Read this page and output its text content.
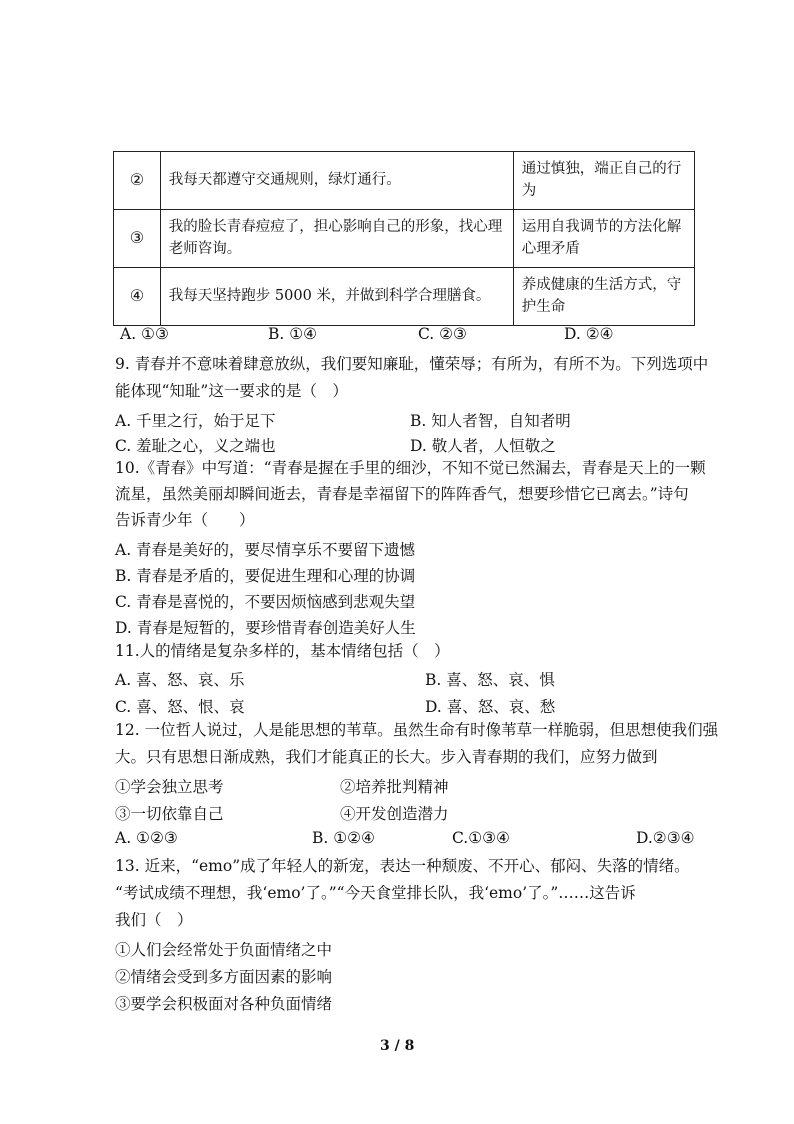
②	我每天都遵守交通规则，绿灯通行。	通过慎独，端正自己的行为
③	我的脸长青春痘痘了，担心影响自己的形象，找心理老师咨询。	运用自我调节的方法化解心理矛盾
④	我每天坚持跑步 5000 米，并做到科学合理膳食。	养成健康的生活方式，守护生命
A. ①③	B. ①④	C. ②③	D. ②④
9. 青春并不意味着肆意放纵，我们要知廉耻，懂荣辱；有所为，有所不为。下列选项中
能体现“知耻”这一要求的是（　）
A. 千里之行，始于足下	B. 知人者智，自知者明
C. 羞耻之心，义之端也	D. 敬人者，人恒敬之
10.《青春》中写道：“青春是握在手里的细沙，不知不觉已然漏去，青春是天上的一颗
流星，虽然美丽却瞬间逝去，青春是幸福留下的阵阵香气，想要珍惜它已离去。”诗句
告诉青少年（　　）
A. 青春是美好的，要尽情享乐不要留下遗憾
B. 青春是矛盾的，要促进生理和心理的协调
C. 青春是喜悦的，不要因烦恼感到悲观失望
D. 青春是短暂的，要珍惜青春创造美好人生
11.人的情绪是复杂多样的，基本情绪包括（　）
A. 喜、怒、哀、乐	B. 喜、怒、哀、惧
C. 喜、怒、恨、哀	D. 喜、怒、哀、愁
12. 一位哲人说过，人是能思想的苇草。虽然生命有时像苇草一样脆弱，但思想使我们强
大。只有思想日渐成熟，我们才能真正的长大。步入青春期的我们，应努力做到
①学会独立思考	②培养批判精神
③一切依靠自己	④开发创造潜力
A. ①②③	B. ①②④	C.①③④	D.②③④
13. 近来，“emo”成了年轻人的新宠，表达一种颓废、不开心、郁闷、失落的情绪。
“考试成绩不理想，我‘emo’了。”“今天食堂排长队，我‘emo’了。”……这告诉
我们（　）
①人们会经常处于负面情绪之中
②情绪会受到多方面因素的影响
③要学会积极面对各种负面情绪
3 / 8
